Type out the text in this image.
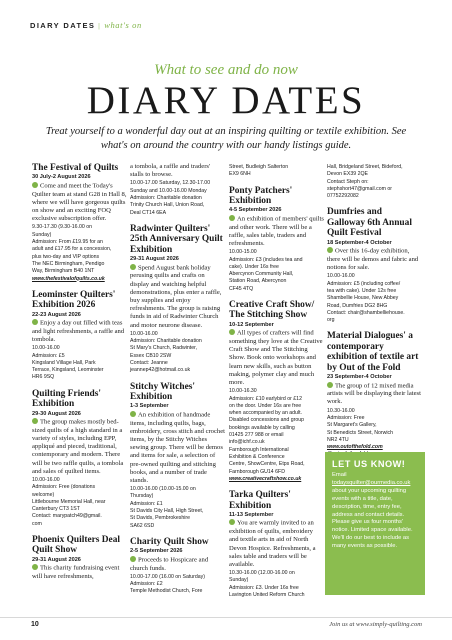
DIARY DATES | what's on
What to see and do now
DIARY DATES
Treat yourself to a wonderful day out at an inspiring quilting or textile exhibition. See what's on around the country with our handy listings guide.
The Festival of Quilts
30 July-2 August 2026
Come and meet the Today's Quilter team at stand G28 in Hall 8, where we will have gorgeous quilts on show and an exciting FOQ exclusive subscription offer.
9.30-17.30 (9.30-16.00 on
Sunday)
Admission: From £19.95 for an
adult and £17.95 for a concession,
plus two-day and VIP options
The NEC Birmingham, Pendigo
Way, Birmingham B40 1NT
www.thefestivalofquilts.co.uk
Leominster Quilters' Exhibition 2026
22-23 August 2026
Enjoy a day out filled with teas and light refreshments, a raffle and tombola.
10.00-16.00
Admission: £5
Kingsland Village Hall, Park
Terrace, Kingsland, Leominster
HR6 9SQ
Quilting Friends' Exhibition
29-30 August 2026
The group makes mostly bed-sized quilts of a high standard in a variety of styles, including EPP, appliqué and pieced, traditional, contemporary and modern. There will be two raffle quilts, a tombola and sales of quilted items.
10.00-16.00
Admission: Free (donations
welcome)
Littlebourne Memorial Hall, near
Canterbury CT3 1ST
Contact: marypatch49@gmail.
com
Phoenix Quilters Deal Quilt Show
29-31 August 2026
This charity fundraising event will have refreshments,
a tombola, a raffle and traders' stalls to browse.
10.00-17.00 Saturday, 12.30-17.00
Sunday and 10.00-16.00 Monday
Admission: Charitable donation
Trinity Church Hall, Union Road,
Deal CT14 6EA
Radwinter Quilters' 25th Anniversary Quilt Exhibition
29-31 August 2026
Spend August bank holiday perusing quilts and crafts on display and watching helpful demonstrations, plus enter a raffle, buy supplies and enjoy refreshments. The group is raising funds in aid of Radwinter Church and motor neurone disease.
10.00-16.00
Admission: Charitable donation
St Mary's Church, Radwinter,
Essex CB10 2SW
Contact: Jeanne
jeannep42@hotmail.co.uk
Stitchy Witches' Exhibition
1-3 September
An exhibition of handmade items, including quilts, bags, embroidery, cross stitch and crochet items, by the Stitchy Witches sewing group. There will be demos and items for sale, a selection of pre-owned quilting and stitching books, and a number of trade stands.
10.00-16.00 (10.00-15.00 on
Thursday)
Admission: £1
St Davids City Hall, High Street,
St Davids, Pembrokeshire
SA62 6SD
Charity Quilt Show
2-5 September 2026
Proceeds to Hospicare and church funds.
10.00-17.00 (16.00 on Saturday)
Admission: £2
Temple Methodist Church, Fore
Street, Budleigh Salterton
EX9 6NH
Ponty Patchers' Exhibition
4-5 September 2026
An exhibition of members' quilts and other work. There will be a raffle, sales table, traders and refreshments.
10.00-15.00
Admission: £3 (includes tea and
cake). Under 16s free
Abercynon Community Hall,
Station Road, Abercynon
CF45 4TQ
Creative Craft Show/ The Stitching Show
10-12 September
All types of crafters will find something they love at the Creative Craft Show and The Stitching Show. Book onto workshops and learn new skills, such as button making, polymer clay and much more.
10.00-16.30
Admission: £10 earlybird or £12
on the door. Under 16s are free
when accompanied by an adult.
Disabled concessions and group
bookings available by calling
01425 277 988 or email
info@ichf.co.uk
Farnborough International
Exhibition & Conference
Centre, ShowCentre, Etps Road,
Farnborough GU14 6FD
www.creativecraftshow.co.uk
Tarka Quilters' Exhibition
11-13 September
You are warmly invited to an exhibition of quilts, embroidery and textile arts in aid of North Devon Hospice. Refreshments, a sales table and traders will be available.
10.30-16.00 (12.00-16.00 on
Sunday)
Admission: £3. Under 16s free
Lavington United Reform Church
Hall, Bridgeland Street, Bideford,
Devon EX39 2QE
Contact Steph on:
stephshort47@gmail.com or
07752292082
Dumfries and Galloway 6th Annual Quilt Festival
18 September-4 October
Over this 16-day exhibition, there will be demos and fabric and notions for sale.
10.00-16.00
Admission: £5 (including coffee/
tea with cake). Under 12s free
Shambellie House, New Abbey
Road, Dumfries DG2 8HG
Contact: chair@shambelliehouse.
org
Material Dialogues' a contemporary exhibition of textile art by Out of the Fold
23 September-4 October
The group of 12 mixed media artists will be displaying their latest work.
10.30-16.00
Admission: Free
St Margaret's Gallery,
St Benedicts Street, Norwich
NR2 4TU
www.outofthefold.com
LET US KNOW!
Email todaysquilter@ourmedia.co.uk about your upcoming quilting events with a title, date, description, time, entry fee, address and contact details. Please give us four months' notice. Limited space available. We'll do our best to include as many events as possible.
10	Join us at www.simply-quilting.com
